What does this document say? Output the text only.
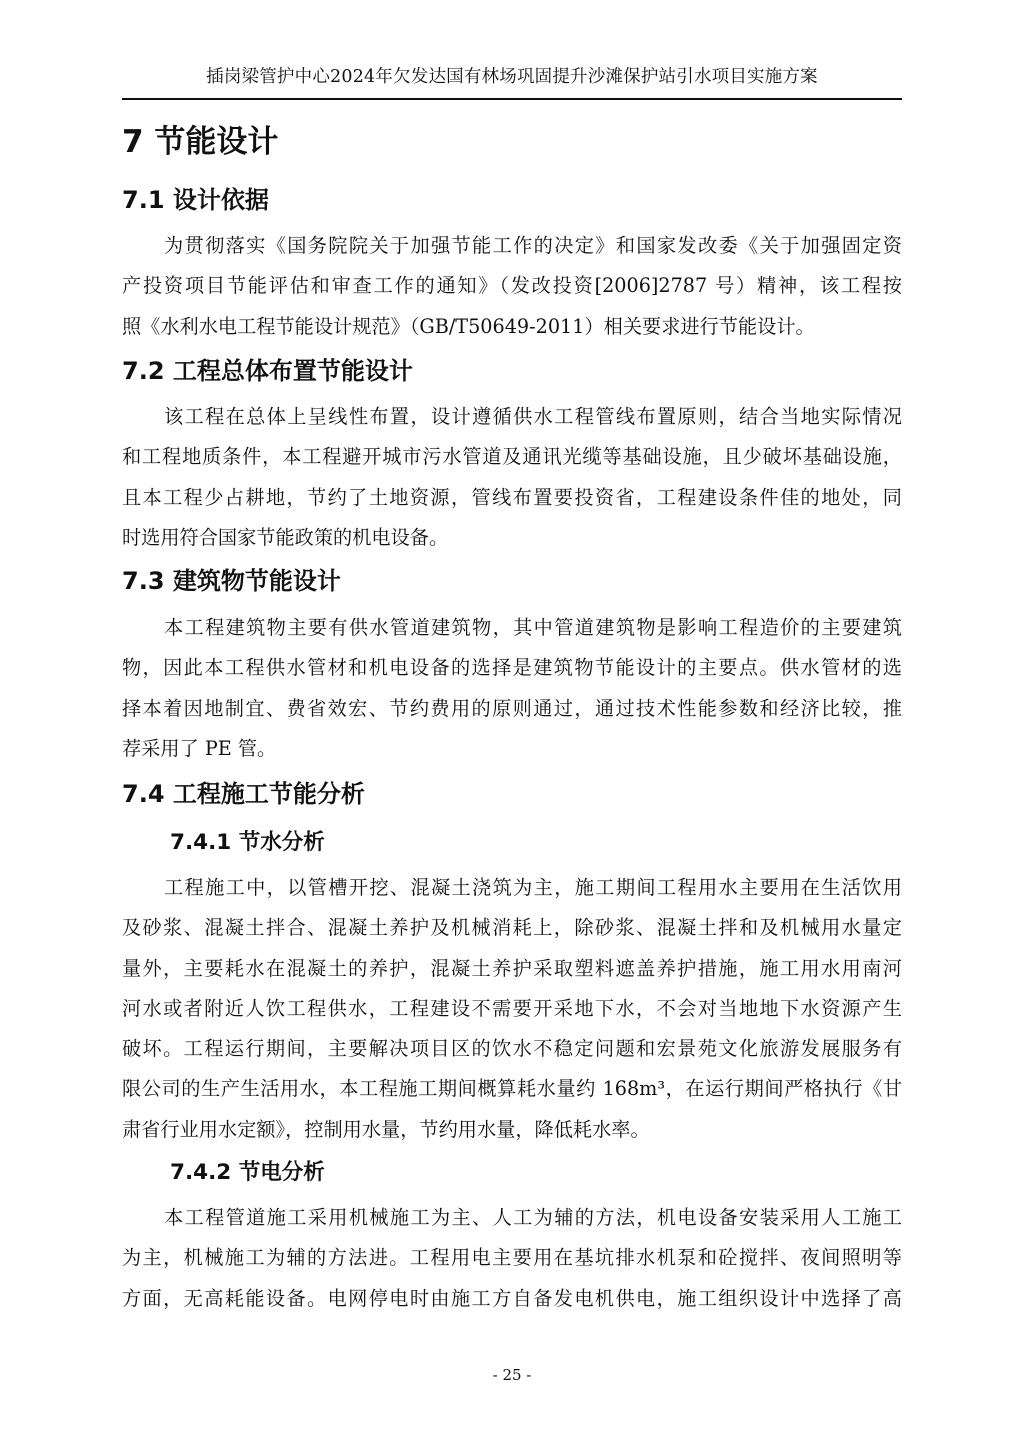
插岗梁管护中心2024年欠发达国有林场巩固提升沙滩保护站引水项目实施方案
7 节能设计
7.1 设计依据
为贯彻落实《国务院院关于加强节能工作的决定》和国家发改委《关于加强固定资
产投资项目节能评估和审查工作的通知》（发改投资[2006]2787 号）精神，该工程按
照《水利水电工程节能设计规范》（GB/T50649-2011）相关要求进行节能设计。
7.2 工程总体布置节能设计
该工程在总体上呈线性布置，设计遵循供水工程管线布置原则，结合当地实际情况
和工程地质条件，本工程避开城市污水管道及通讯光缆等基础设施，且少破坏基础设施，
且本工程少占耕地，节约了土地资源，管线布置要投资省，工程建设条件佳的地处，同
时选用符合国家节能政策的机电设备。
7.3 建筑物节能设计
本工程建筑物主要有供水管道建筑物，其中管道建筑物是影响工程造价的主要建筑
物，因此本工程供水管材和机电设备的选择是建筑物节能设计的主要点。供水管材的选
择本着因地制宜、费省效宏、节约费用的原则通过，通过技术性能参数和经济比较，推
荐采用了 PE 管。
7.4 工程施工节能分析
7.4.1 节水分析
工程施工中，以管槽开挖、混凝土浇筑为主，施工期间工程用水主要用在生活饮用
及砂浆、混凝土拌合、混凝土养护及机械消耗上，除砂浆、混凝土拌和及机械用水量定
量外，主要耗水在混凝土的养护，混凝土养护采取塑料遮盖养护措施，施工用水用南河
河水或者附近人饮工程供水，工程建设不需要开采地下水，不会对当地地下水资源产生
破坏。工程运行期间，主要解决项目区的饮水不稳定问题和宏景苑文化旅游发展服务有
限公司的生产生活用水，本工程施工期间概算耗水量约 168m³，在运行期间严格执行《甘
肃省行业用水定额》，控制用水量，节约用水量，降低耗水率。
7.4.2 节电分析
本工程管道施工采用机械施工为主、人工为辅的方法，机电设备安装采用人工施工
为主，机械施工为辅的方法进。工程用电主要用在基坑排水机泵和砼搅拌、夜间照明等
方面，无高耗能设备。电网停电时由施工方自备发电机供电，施工组织设计中选择了高
- 25 -
